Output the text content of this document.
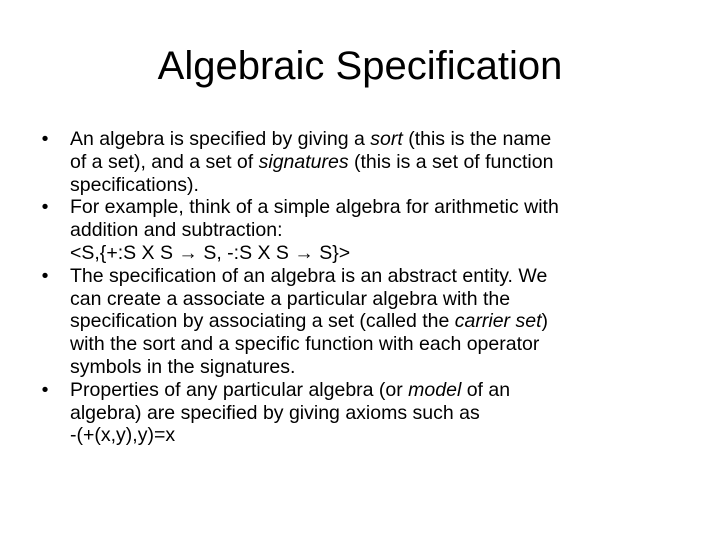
Algebraic Specification
• An algebra is specified by giving a sort (this is the name
of a set), and a set of signatures (this is a set of function
specifications).
• For example, think of a simple algebra for arithmetic with
addition and subtraction:
<S,{+:S X S → S, -:S X S → S}>
• The specification of an algebra is an abstract entity. We
can create a associate a particular algebra with the
specification by associating a set (called the carrier set)
with the sort and a specific function with each operator
symbols in the signatures.
• Properties of any particular algebra (or model of an
algebra) are specified by giving axioms such as
-(+(x,y),y)=x
